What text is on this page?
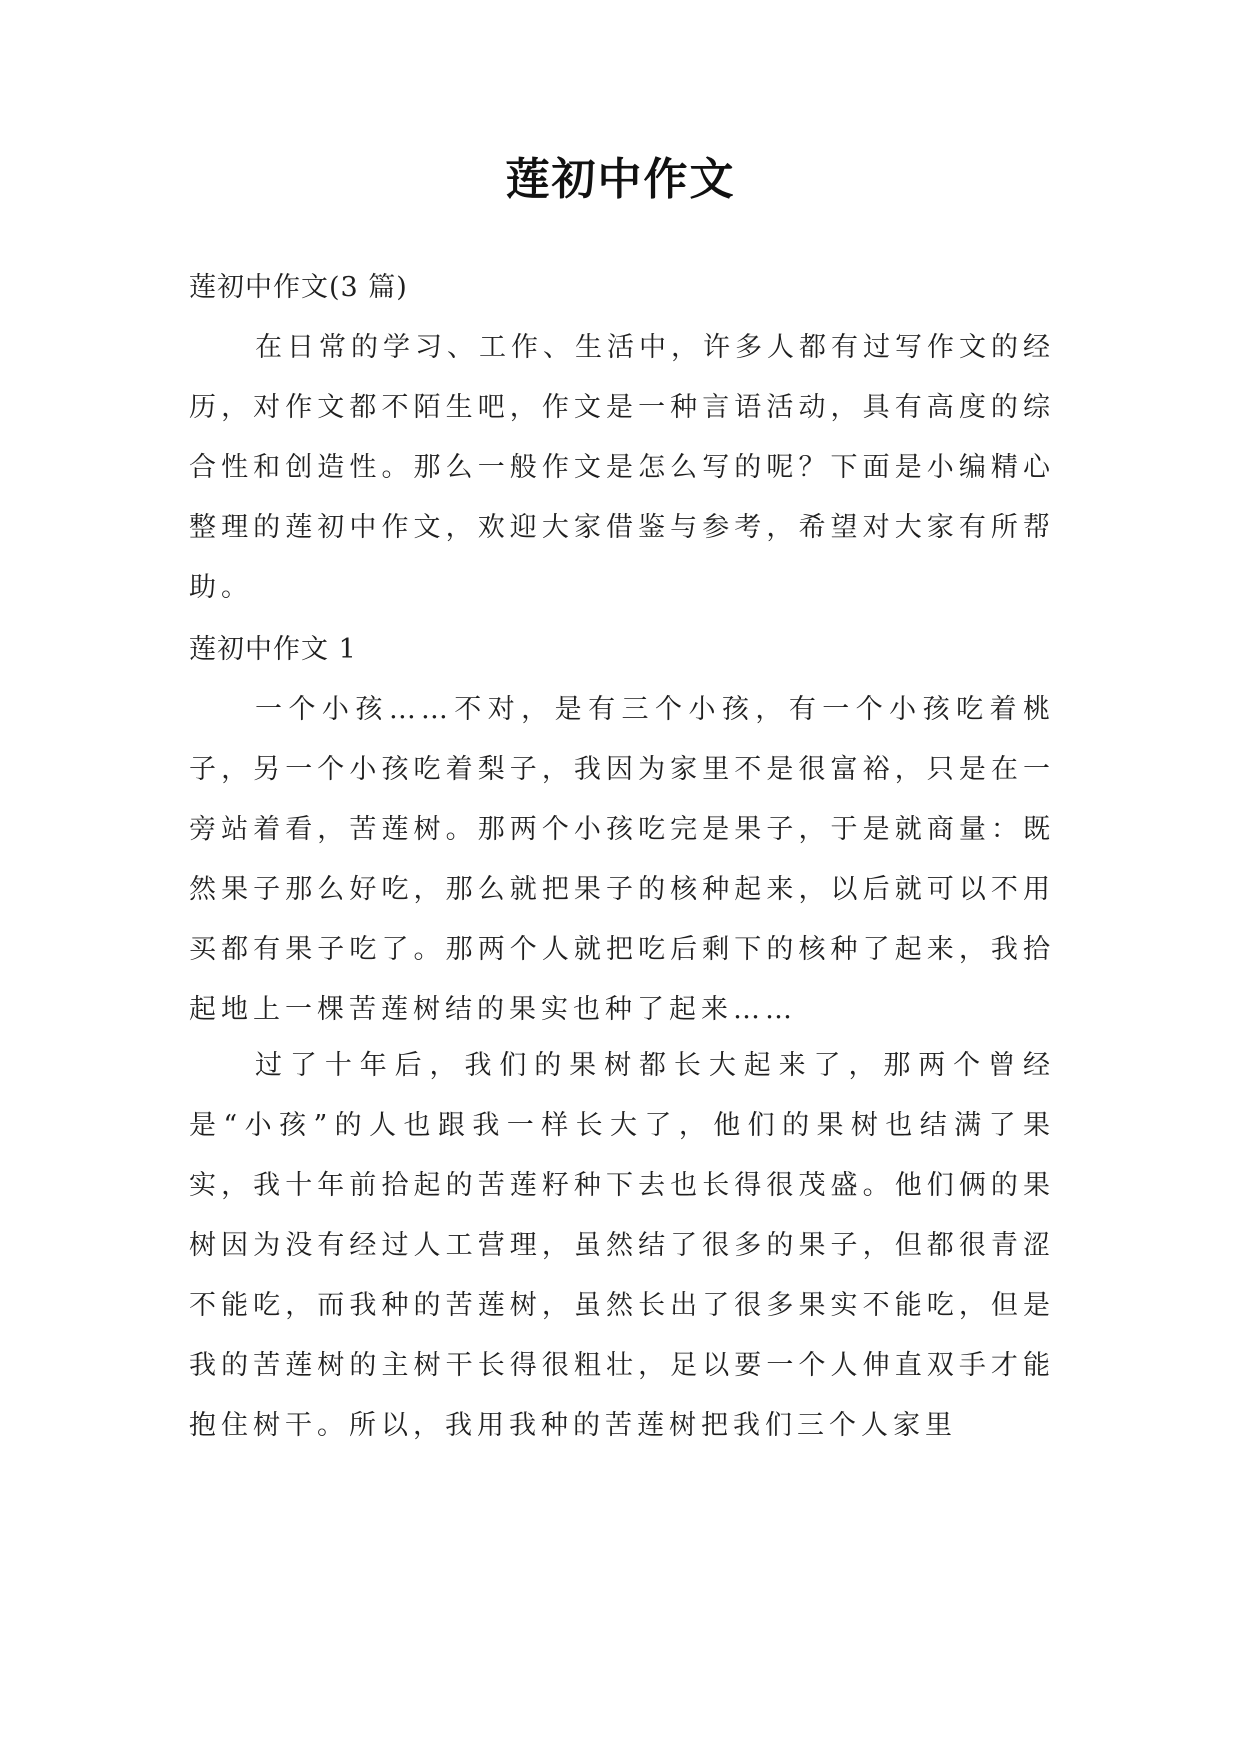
莲初中作文
莲初中作文(3 篇)

在日常的学习、工作、生活中，许多人都有过写作文的经历，对作文都不陌生吧，作文是一种言语活动，具有高度的综合性和创造性。那么一般作文是怎么写的呢？下面是小编精心整理的莲初中作文，欢迎大家借鉴与参考，希望对大家有所帮助。

莲初中作文 1

一个小孩……不对，是有三个小孩，有一个小孩吃着桃子，另一个小孩吃着梨子，我因为家里不是很富裕，只是在一旁站着看，苦莲树。那两个小孩吃完是果子，于是就商量：既然果子那么好吃，那么就把果子的核种起来，以后就可以不用买都有果子吃了。那两个人就把吃后剩下的核种了起来，我拾起地上一棵苦莲树结的果实也种了起来……

过了十年后，我们的果树都长大起来了，那两个曾经是“小孩”的人也跟我一样长大了，他们的果树也结满了果实，我十年前拾起的苦莲籽种下去也长得很茂盛。他们俩的果树因为没有经过人工营理，虽然结了很多的果子，但都很青涩不能吃，而我种的苦莲树，虽然长出了很多果实不能吃，但是我的苦莲树的主树干长得很粗壮，足以要一个人伸直双手才能抱住树干。所以，我用我种的苦莲树把我们三个人家里
